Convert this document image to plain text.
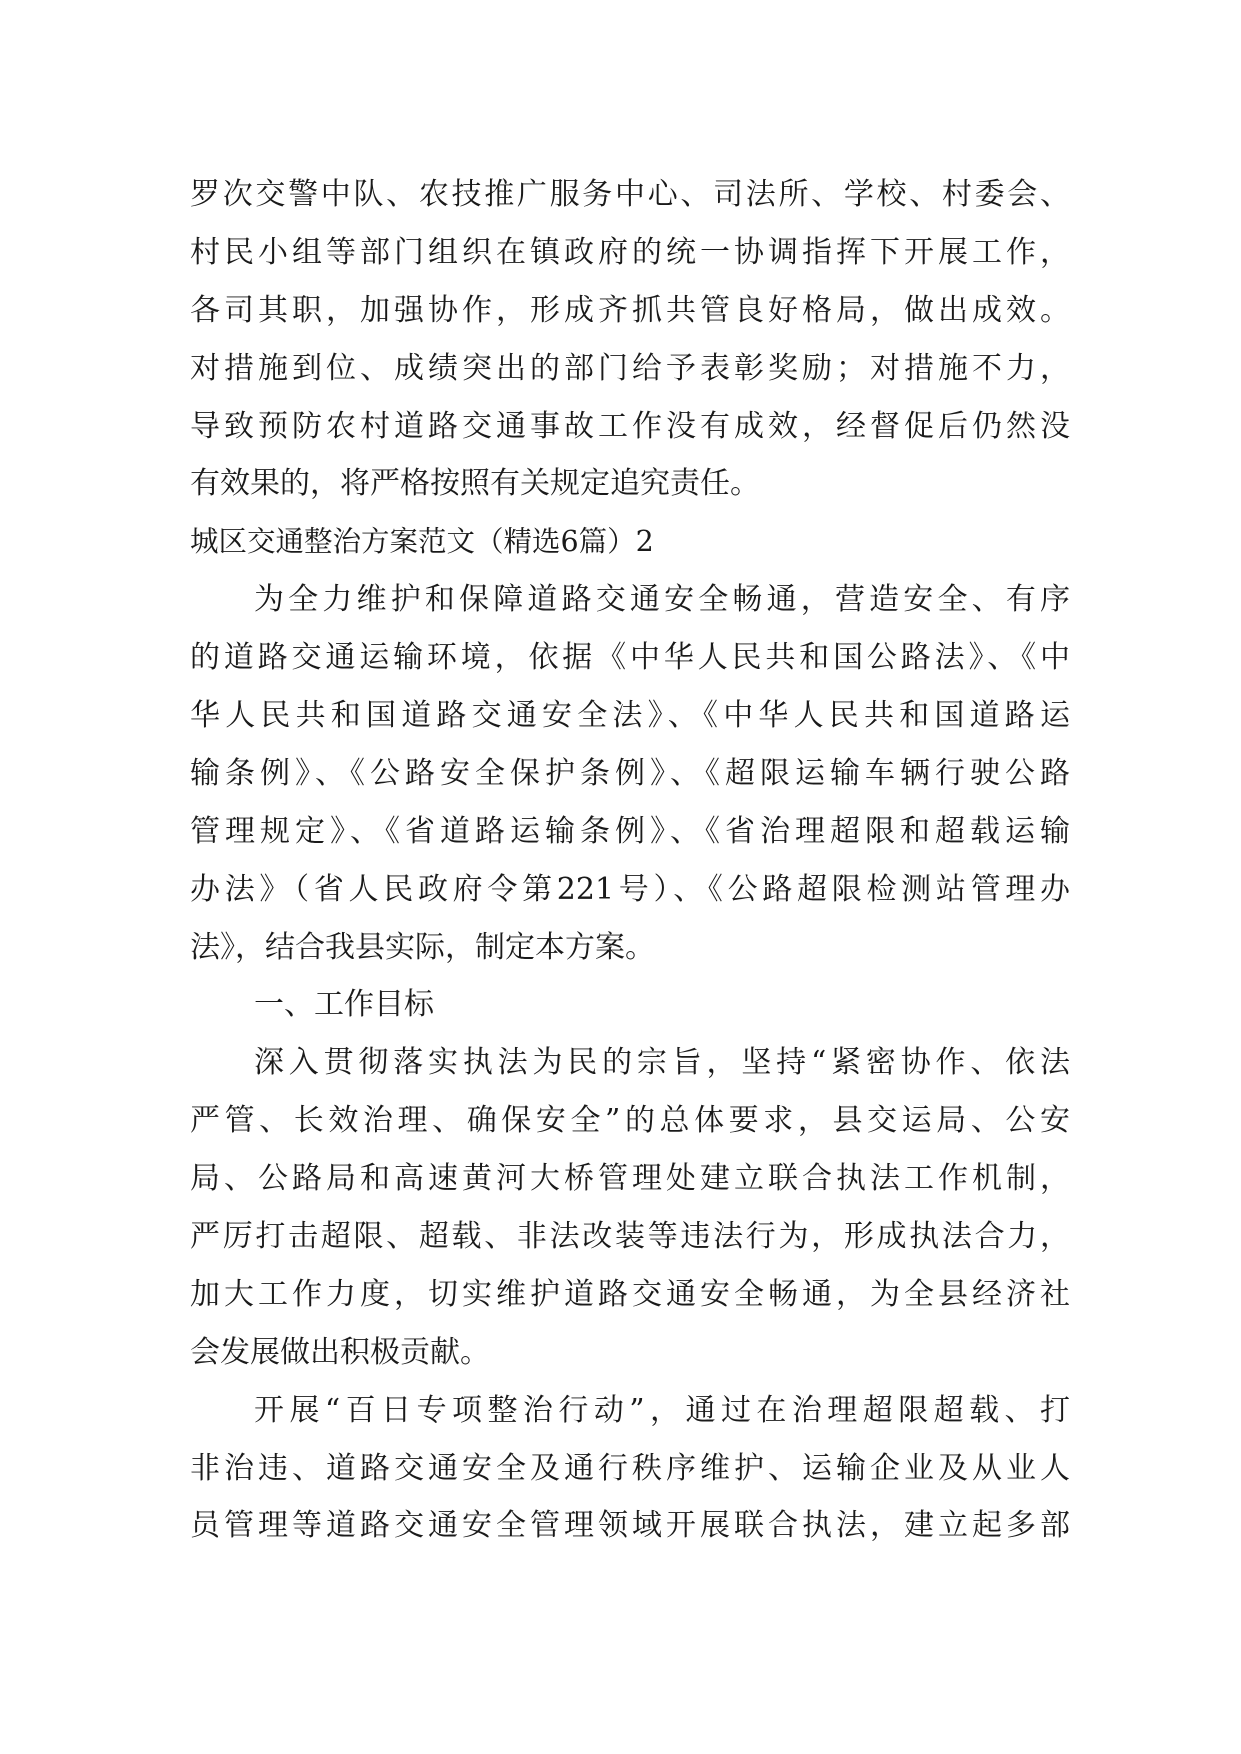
罗次交警中队、农技推广服务中心、司法所、学校、村委会、
村民小组等部门组织在镇政府的统一协调指挥下开展工作，
各司其职，加强协作，形成齐抓共管良好格局，做出成效。
对措施到位、成绩突出的部门给予表彰奖励；对措施不力，
导致预防农村道路交通事故工作没有成效，经督促后仍然没
有效果的，将严格按照有关规定追究责任。
城区交通整治方案范文（精选6篇）2
为全力维护和保障道路交通安全畅通，营造安全、有序
的道路交通运输环境，依据《中华人民共和国公路法》、《中
华人民共和国道路交通安全法》、《中华人民共和国道路运
输条例》、《公路安全保护条例》、《超限运输车辆行驶公路
管理规定》、《省道路运输条例》、《省治理超限和超载运输
办法》（省人民政府令第221号）、《公路超限检测站管理办
法》，结合我县实际，制定本方案。
一、工作目标
深入贯彻落实执法为民的宗旨，坚持“紧密协作、依法
严管、长效治理、确保安全”的总体要求，县交运局、公安
局、公路局和高速黄河大桥管理处建立联合执法工作机制，
严厉打击超限、超载、非法改装等违法行为，形成执法合力，
加大工作力度，切实维护道路交通安全畅通，为全县经济社
会发展做出积极贡献。
开展“百日专项整治行动”，通过在治理超限超载、打
非治违、道路交通安全及通行秩序维护、运输企业及从业人
员管理等道路交通安全管理领域开展联合执法，建立起多部
